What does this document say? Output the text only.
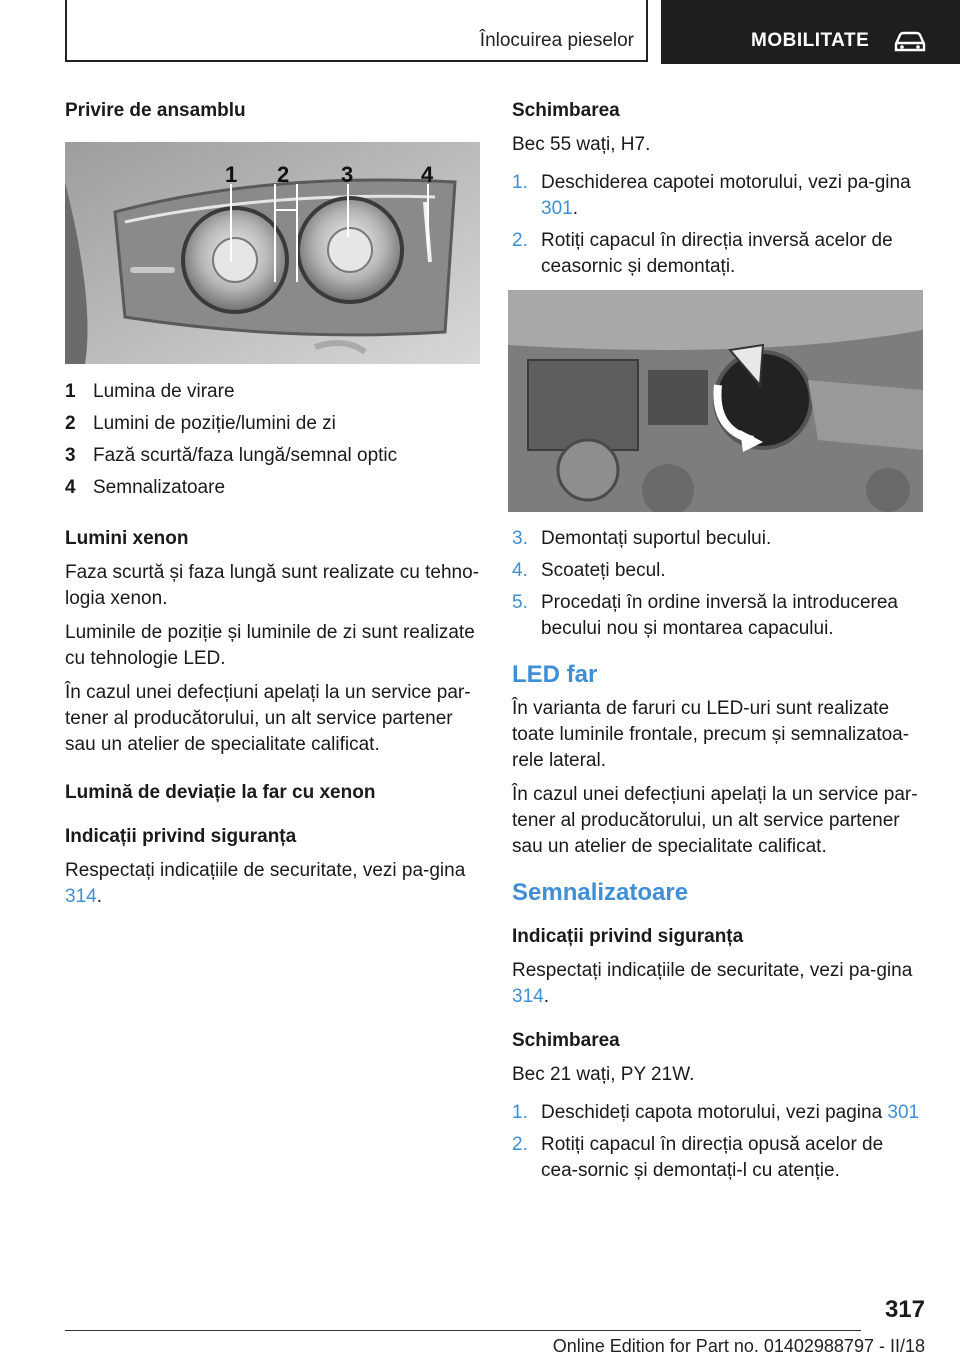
Înlocuirea pieselor	MOBILITATE
Privire de ansamblu
1 2 3	4
1 Lumina de virare
2 Lumini de poziție/lumini de zi
3 Fază scurtă/faza lungă/semnal optic
4 Semnalizatoare
Lumini xenon

Faza scurtă și faza lungă sunt realizate cu tehno-logia xenon.

Luminile de poziție și luminile de zi sunt realizate cu tehnologie LED.

În cazul unei defecțiuni apelați la un service par-tener al producătorului, un alt service partener sau un atelier de specialitate calificat.

Lumină de deviație la far cu xenon
Indicații privind siguranța

Respectați indicațiile de securitate, vezi pa-gina 314.

Schimbarea

Bec 55 wați, H7.

1. Deschiderea capotei motorului, vezi pa-gina 301.
2. Rotiți capacul în direcția inversă acelor de ceasornic și demontați.
3. Demontați suportul becului.
4. Scoateți becul.
5. Procedați în ordine inversă la introducerea becului nou și montarea capacului.
LED far

În varianta de faruri cu LED-uri sunt realizate toate luminile frontale, precum și semnalizatoa-rele lateral.

În cazul unei defecțiuni apelați la un service par-tener al producătorului, un alt service partener sau un atelier de specialitate calificat.

Semnalizatoare
Indicații privind siguranța

Respectați indicațiile de securitate, vezi pa-gina 314.

Schimbarea

Bec 21 wați, PY 21W.

1. Deschideți capota motorului, vezi pagina 301
2. Rotiți capacul în direcția opusă acelor de cea-sornic și demontați-l cu atenție.
317
Online Edition for Part no. 01402988797 - II/18
